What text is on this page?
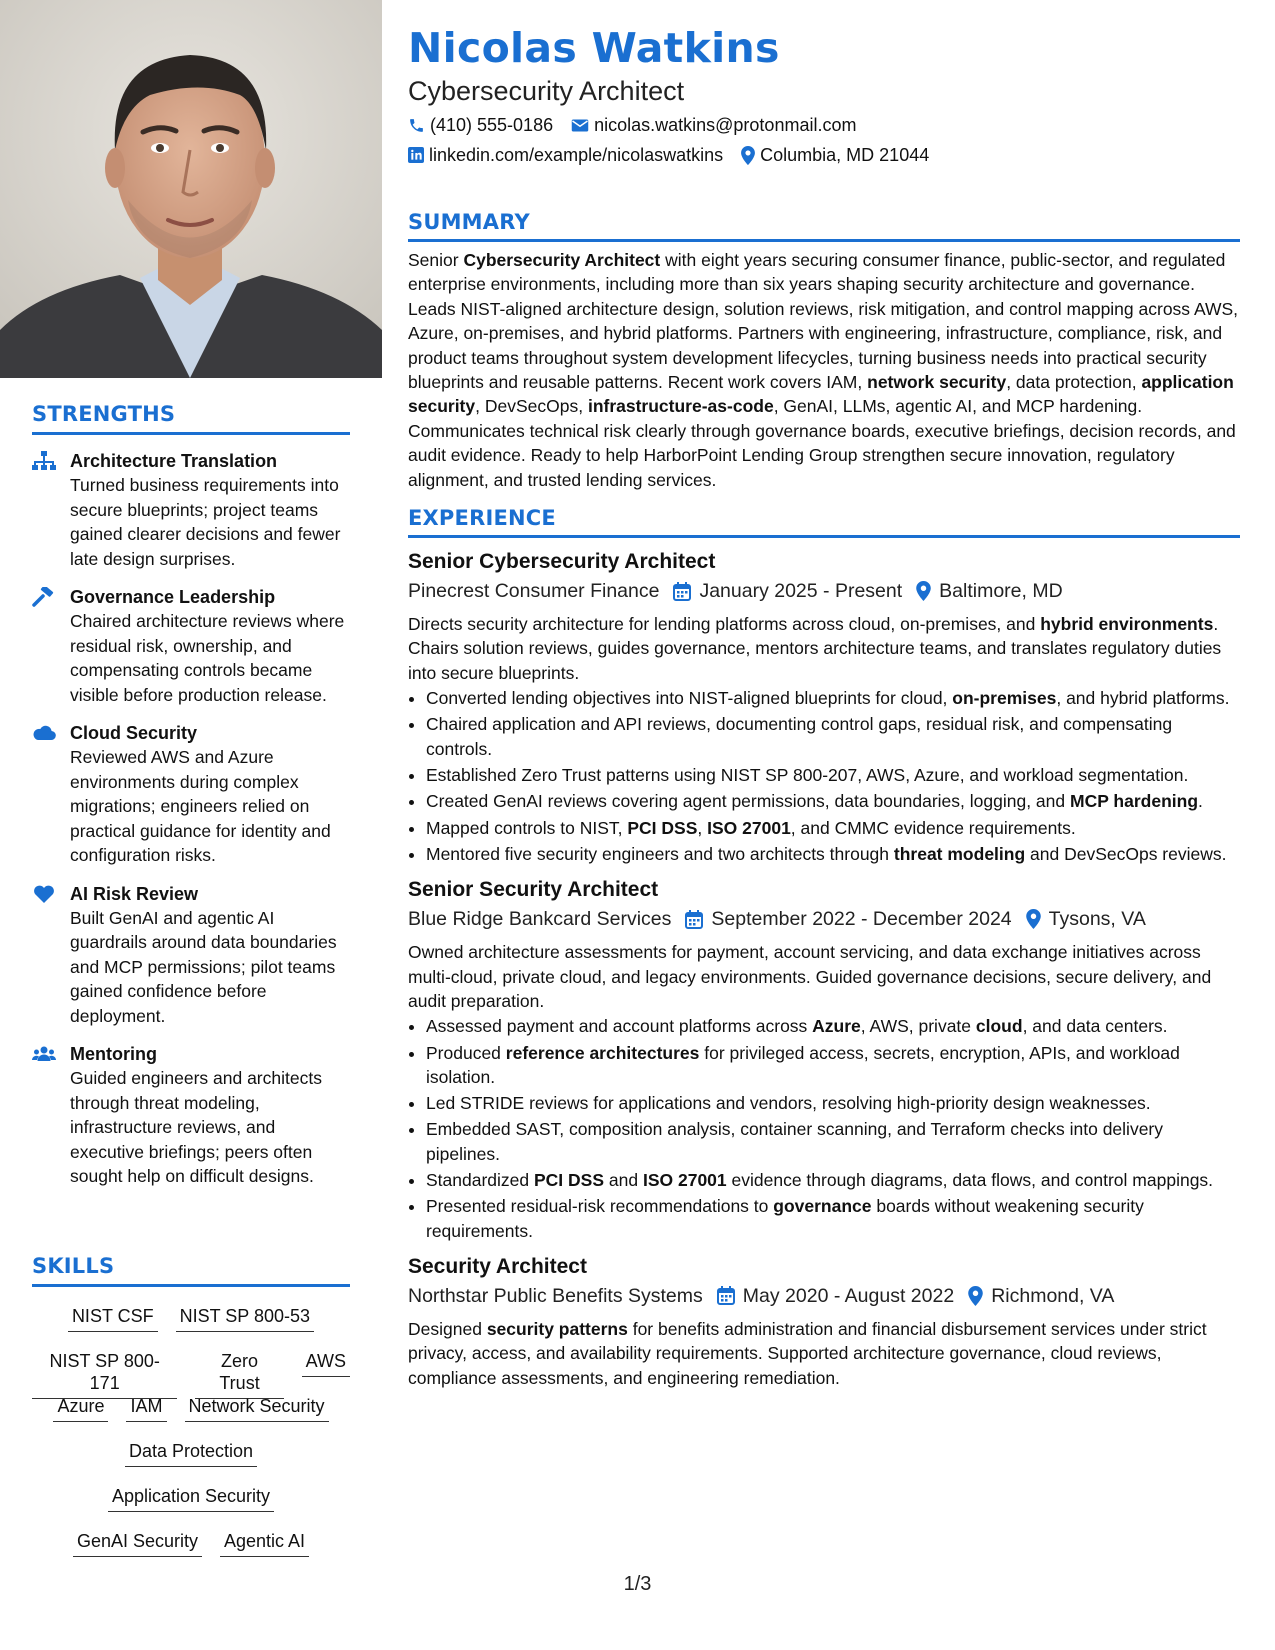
STRENGTHS
Architecture Translation
Turned business requirements into secure blueprints; project teams gained clearer decisions and fewer late design surprises.
Governance Leadership
Chaired architecture reviews where residual risk, ownership, and compensating controls became visible before production release.
Cloud Security
Reviewed AWS and Azure environments during complex migrations; engineers relied on practical guidance for identity and configuration risks.
AI Risk Review
Built GenAI and agentic AI guardrails around data boundaries and MCP permissions; pilot teams gained confidence before deployment.
Mentoring
Guided engineers and architects through threat modeling, infrastructure reviews, and executive briefings; peers often sought help on difficult designs.
SKILLS
NIST CSF NIST SP 800-53
NIST SP 800-171
Zero Trust
AWS
Azure IAM Network Security
Data Protection
Application Security
GenAI Security Agentic AI
Nicolas Watkins
Cybersecurity Architect
(410) 555-0186 nicolas.watkins@protonmail.com
linkedin.com/example/nicolaswatkins Columbia, MD 21044
SUMMARY
Senior Cybersecurity Architect with eight years securing consumer finance, public-sector, and regulated enterprise environments, including more than six years shaping security architecture and governance. Leads NIST-aligned architecture design, solution reviews, risk mitigation, and control mapping across AWS, Azure, on-premises, and hybrid platforms. Partners with engineering, infrastructure, compliance, risk, and product teams throughout system development lifecycles, turning business needs into practical security blueprints and reusable patterns. Recent work covers IAM, network security, data protection, application security, DevSecOps, infrastructure-as-code, GenAI, LLMs, agentic AI, and MCP hardening. Communicates technical risk clearly through governance boards, executive briefings, decision records, and audit evidence. Ready to help HarborPoint Lending Group strengthen secure innovation, regulatory alignment, and trusted lending services.
EXPERIENCE
Senior Cybersecurity Architect
Pinecrest Consumer Finance January 2025 - Present Baltimore, MD
Directs security architecture for lending platforms across cloud, on-premises, and hybrid environments. Chairs solution reviews, guides governance, mentors architecture teams, and translates regulatory duties into secure blueprints.
• Converted lending objectives into NIST-aligned blueprints for cloud, on-premises, and hybrid platforms.
• Chaired application and API reviews, documenting control gaps, residual risk, and compensating controls.
• Established Zero Trust patterns using NIST SP 800-207, AWS, Azure, and workload segmentation.
• Created GenAI reviews covering agent permissions, data boundaries, logging, and MCP hardening.
• Mapped controls to NIST, PCI DSS, ISO 27001, and CMMC evidence requirements.
• Mentored five security engineers and two architects through threat modeling and DevSecOps reviews.
Senior Security Architect
Blue Ridge Bankcard Services September 2022 - December 2024 Tysons, VA
Owned architecture assessments for payment, account servicing, and data exchange initiatives across multi-cloud, private cloud, and legacy environments. Guided governance decisions, secure delivery, and audit preparation.
• Assessed payment and account platforms across Azure, AWS, private cloud, and data centers.
• Produced reference architectures for privileged access, secrets, encryption, APIs, and workload isolation.
• Led STRIDE reviews for applications and vendors, resolving high-priority design weaknesses.
• Embedded SAST, composition analysis, container scanning, and Terraform checks into delivery pipelines.
• Standardized PCI DSS and ISO 27001 evidence through diagrams, data flows, and control mappings.
• Presented residual-risk recommendations to governance boards without weakening security requirements.
Security Architect
Northstar Public Benefits Systems May 2020 - August 2022 Richmond, VA
Designed security patterns for benefits administration and financial disbursement services under strict privacy, access, and availability requirements. Supported architecture governance, cloud reviews, compliance assessments, and engineering remediation.
1/3
